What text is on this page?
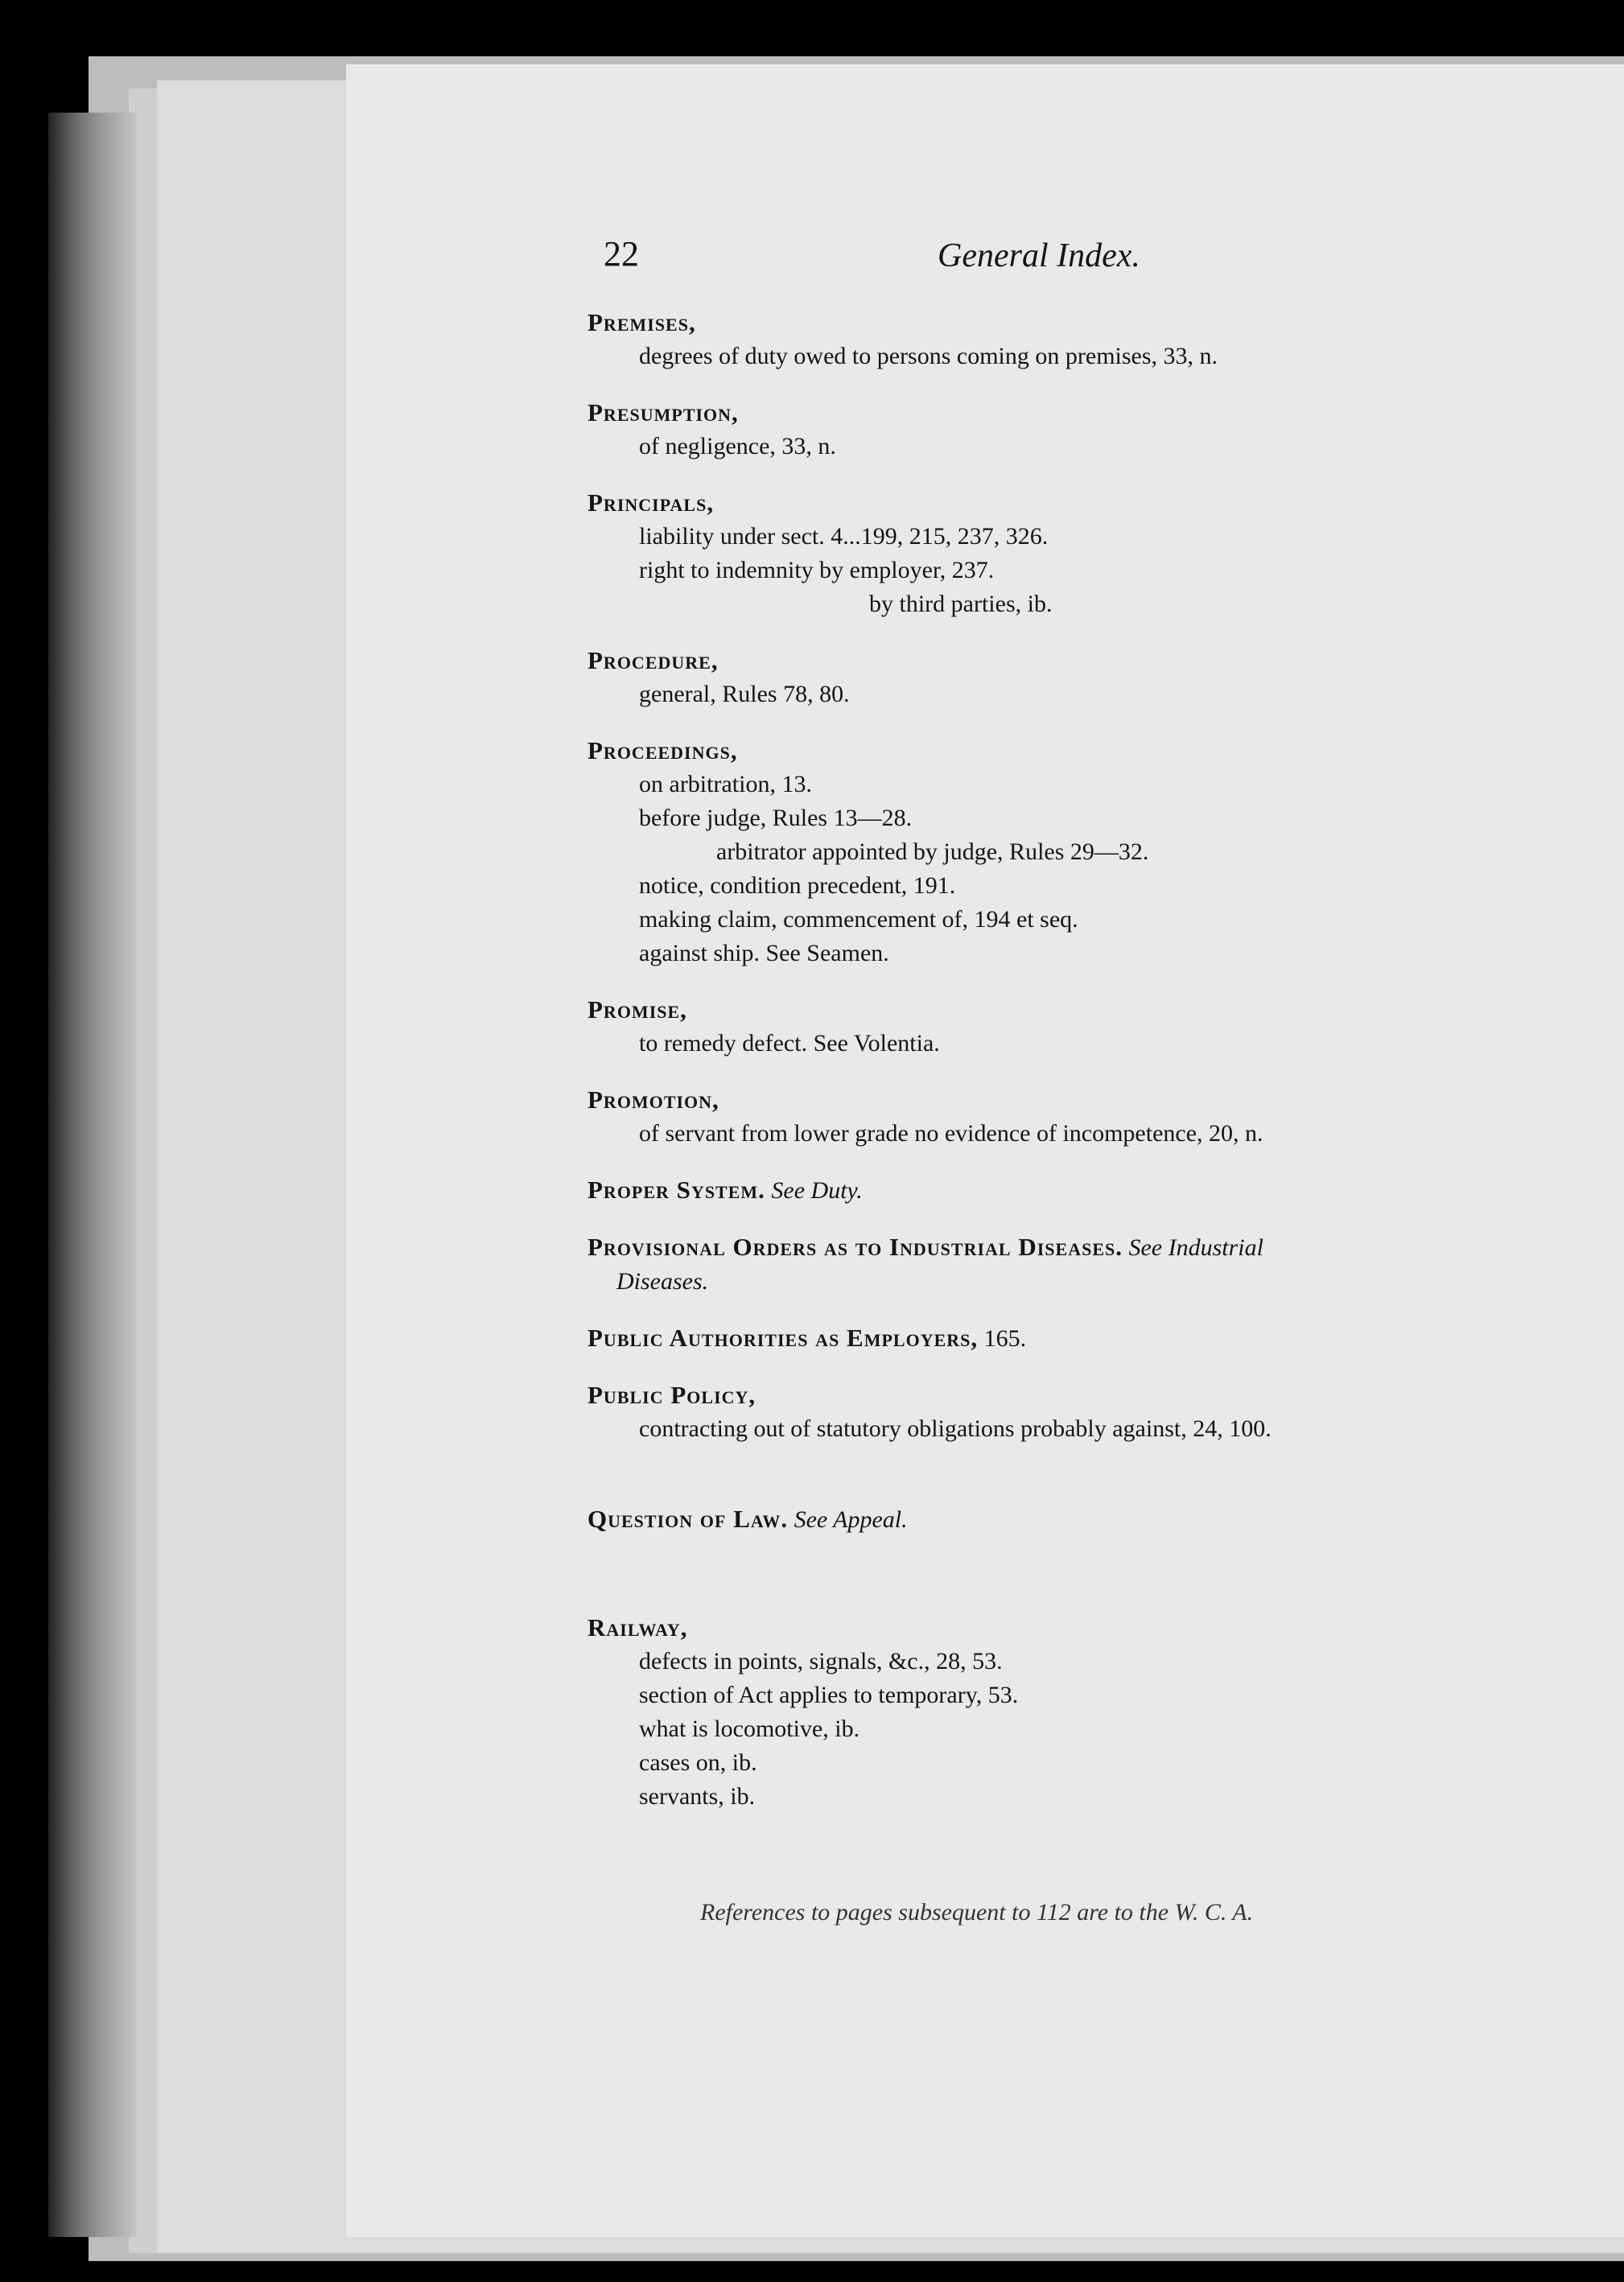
22	General Index.
Premises,
degrees of duty owed to persons coming on premises, 33, n.
Presumption,
of negligence, 33, n.
Principals,
liability under sect. 4...199, 215, 237, 326.
right to indemnity by employer, 237.
by third parties, ib.
Procedure,
general, Rules 78, 80.
Proceedings,
on arbitration, 13.
before judge, Rules 13—28.
arbitrator appointed by judge, Rules 29—32.
notice, condition precedent, 191.
making claim, commencement of, 194 et seq.
against ship. See Seamen.
Promise,
to remedy defect. See Volentia.
Promotion,
of servant from lower grade no evidence of incompetence, 20, n.
Proper System. See Duty.
Provisional Orders as to Industrial Diseases. See Industrial
Diseases.
Public Authorities as Employers, 165.
Public Policy,
contracting out of statutory obligations probably against, 24, 100.
Question of Law. See Appeal.
Railway,
defects in points, signals, &c., 28, 53.
section of Act applies to temporary, 53.
what is locomotive, ib.
cases on, ib.
servants, ib.
References to pages subsequent to 112 are to the W. C. A.
